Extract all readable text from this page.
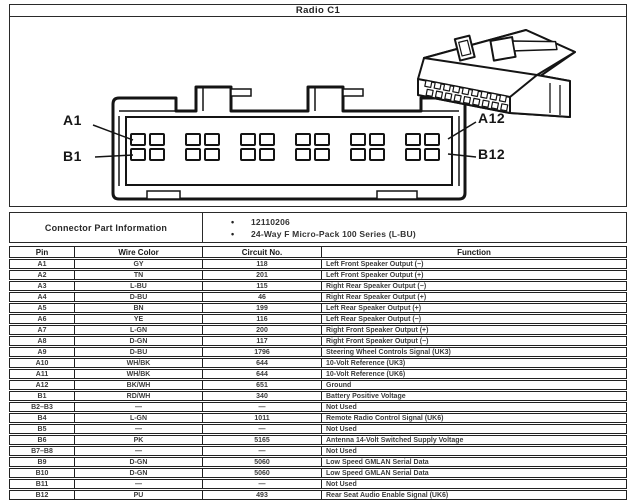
Radio C1
A1
B1
A12
B12
Connector Part Information
•	12110206
•	24-Way F Micro-Pack 100 Series (L-BU)
Pin	Wire Color	Circuit No.	Function
A1	GY	118	Left Front Speaker Output (−)
A2	TN	201	Left Front Speaker Output (+)
A3	L-BU	115	Right Rear Speaker Output (−)
A4	D-BU	46	Right Rear Speaker Output (+)
A5	BN	199	Left Rear Speaker Output (+)
A6	YE	116	Left Rear Speaker Output (−)
A7	L-GN	200	Right Front Speaker Output (+)
A8	D-GN	117	Right Front Speaker Output (−)
A9	D-BU	1796	Steering Wheel Controls Signal (UK3)
A10	WH/BK	644	10-Volt Reference (UK3)
A11	WH/BK	644	10-Volt Reference (UK6)
A12	BK/WH	651	Ground
B1	RD/WH	340	Battery Positive Voltage
B2–B3	—	—	Not Used
B4	L-GN	1011	Remote Radio Control Signal (UK6)
B5	—	—	Not Used
B6	PK	5165	Antenna 14-Volt Switched Supply Voltage
B7–B8	—	—	Not Used
B9	D-GN	5060	Low Speed GMLAN Serial Data
B10	D-GN	5060	Low Speed GMLAN Serial Data
B11	—	—	Not Used
B12	PU	493	Rear Seat Audio Enable Signal (UK6)
